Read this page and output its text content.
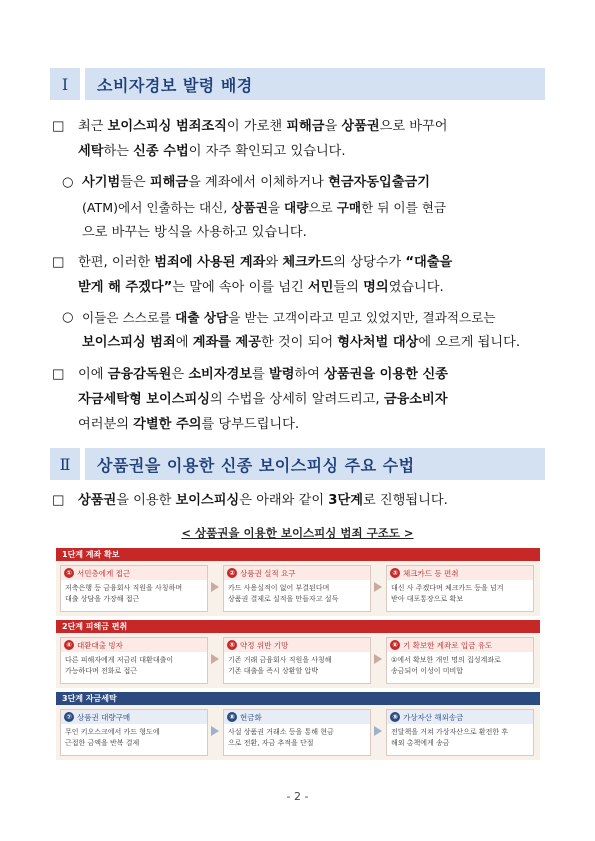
Ⅰ	소비자경보 발령 배경
□ 최근 보이스피싱 범죄조직이 가로챈 피해금을 상품권으로 바꾸어
세탁하는 신종 수법이 자주 확인되고 있습니다.
○ 사기범들은 피해금을 계좌에서 이체하거나 현금자동입출금기
(ATM)에서 인출하는 대신, 상품권을 대량으로 구매한 뒤 이를 현금
으로 바꾸는 방식을 사용하고 있습니다.
□ 한편, 이러한 범죄에 사용된 계좌와 체크카드의 상당수가 “대출을
받게 해 주겠다”는 말에 속아 이를 넘긴 서민들의 명의였습니다.
○ 이들은 스스로를 대출 상담을 받는 고객이라고 믿고 있었지만, 결과적으로는
보이스피싱 범죄에 계좌를 제공한 것이 되어 형사처벌 대상에 오르게 됩니다.
□ 이에 금융감독원은 소비자경보를 발령하여 상품권을 이용한 신종
자금세탁형 보이스피싱의 수법을 상세히 알려드리고, 금융소비자
여러분의 각별한 주의를 당부드립니다.
Ⅱ	상품권을 이용한 신종 보이스피싱 주요 수법
□ 상품권을 이용한 보이스피싱은 아래와 같이 3단계로 진행됩니다.
< 상품권을 이용한 보이스피싱 범죄 구조도 >
1단계 계좌 확보
① 서민층에게 접근
저축은행 등 금융회사 직원을 사칭하며
대출 상담을 가장해 접근
② 상품권 실적 요구
카드 사용실적이 없어 부결된다며
상품권 결제로 실적을 만들자고 설득
③ 체크카드 등 편취
대신 사 주겠다며 체크카드 등을 넘겨
받아 대포통장으로 확보
2단계 피해금 편취
④ 대환대출 빙자
다른 피해자에게 저금리 대환대출이
가능하다며 전화로 접근
⑤ 약정 위반 기망
기존 거래 금융회사 직원을 사칭해
기존 대출을 즉시 상환할 압박
⑥ 기 확보한 계좌로 입금 유도
①에서 확보한 개인 명의 집성계좌로
송금되어 이성이 미비합
3단계 자금세탁
⑦ 상품권 대량구매
무인 키오스크에서 카드 형도에
근접한 금액을 반복 결제
⑧ 현금화
사설 상품권 거래소 등을 통해 현금
으로 전환, 자금 추적을 단절
⑨ 가상자산 해외송금
전달책을 거쳐 가상자산으로 환전한 후
해외 총책에게 송금
- 2 -
